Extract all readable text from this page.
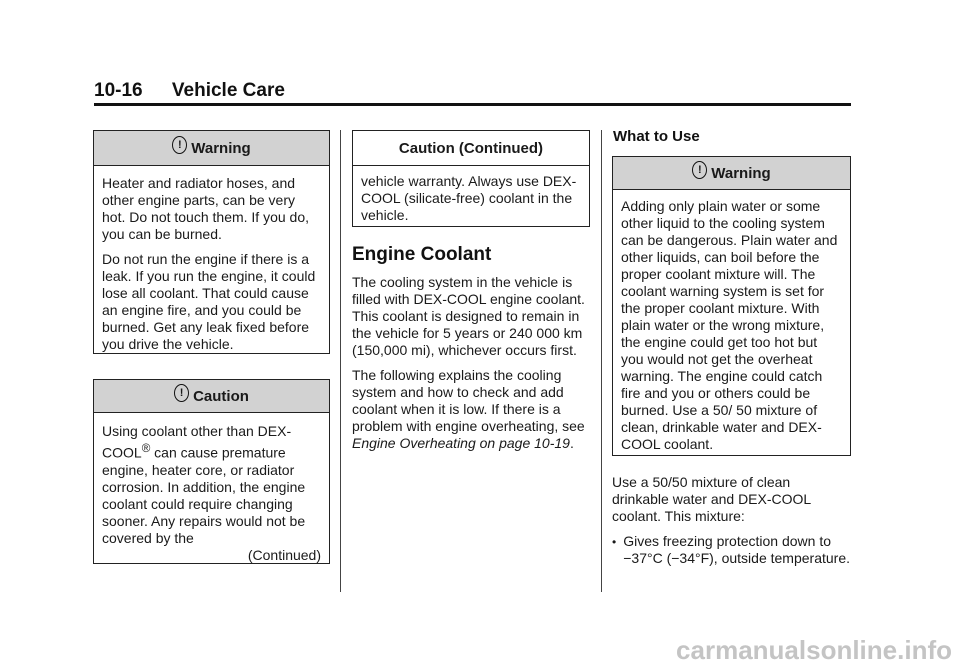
10-16 Vehicle Care
! Warning

Heater and radiator hoses, and other engine parts, can be very hot. Do not touch them. If you do, you can be burned.

Do not run the engine if there is a leak. If you run the engine, it could lose all coolant. That could cause an engine fire, and you could be burned. Get any leak fixed before you drive the vehicle.

! Caution

Using coolant other than DEX-COOL® can cause premature engine, heater core, or radiator corrosion. In addition, the engine coolant could require changing sooner. Any repairs would not be covered by the

(Continued)

Caution (Continued)

vehicle warranty. Always use DEX-COOL (silicate-free) coolant in the vehicle.

Engine Coolant

The cooling system in the vehicle is filled with DEX-COOL engine coolant. This coolant is designed to remain in the vehicle for 5 years or 240 000 km (150,000 mi), whichever occurs first.

The following explains the cooling system and how to check and add coolant when it is low. If there is a problem with engine overheating, see Engine Overheating on page 10-19.

What to Use
! Warning

Adding only plain water or some other liquid to the cooling system can be dangerous. Plain water and other liquids, can boil before the proper coolant mixture will. The coolant warning system is set for the proper coolant mixture. With plain water or the wrong mixture, the engine could get too hot but you would not get the overheat warning. The engine could catch fire and you or others could be burned. Use a 50/ 50 mixture of clean, drinkable water and DEX-COOL coolant.

Use a 50/50 mixture of clean drinkable water and DEX-COOL coolant. This mixture:

• Gives freezing protection down to −37°C (−34°F), outside temperature.
carmanualsonline.info
